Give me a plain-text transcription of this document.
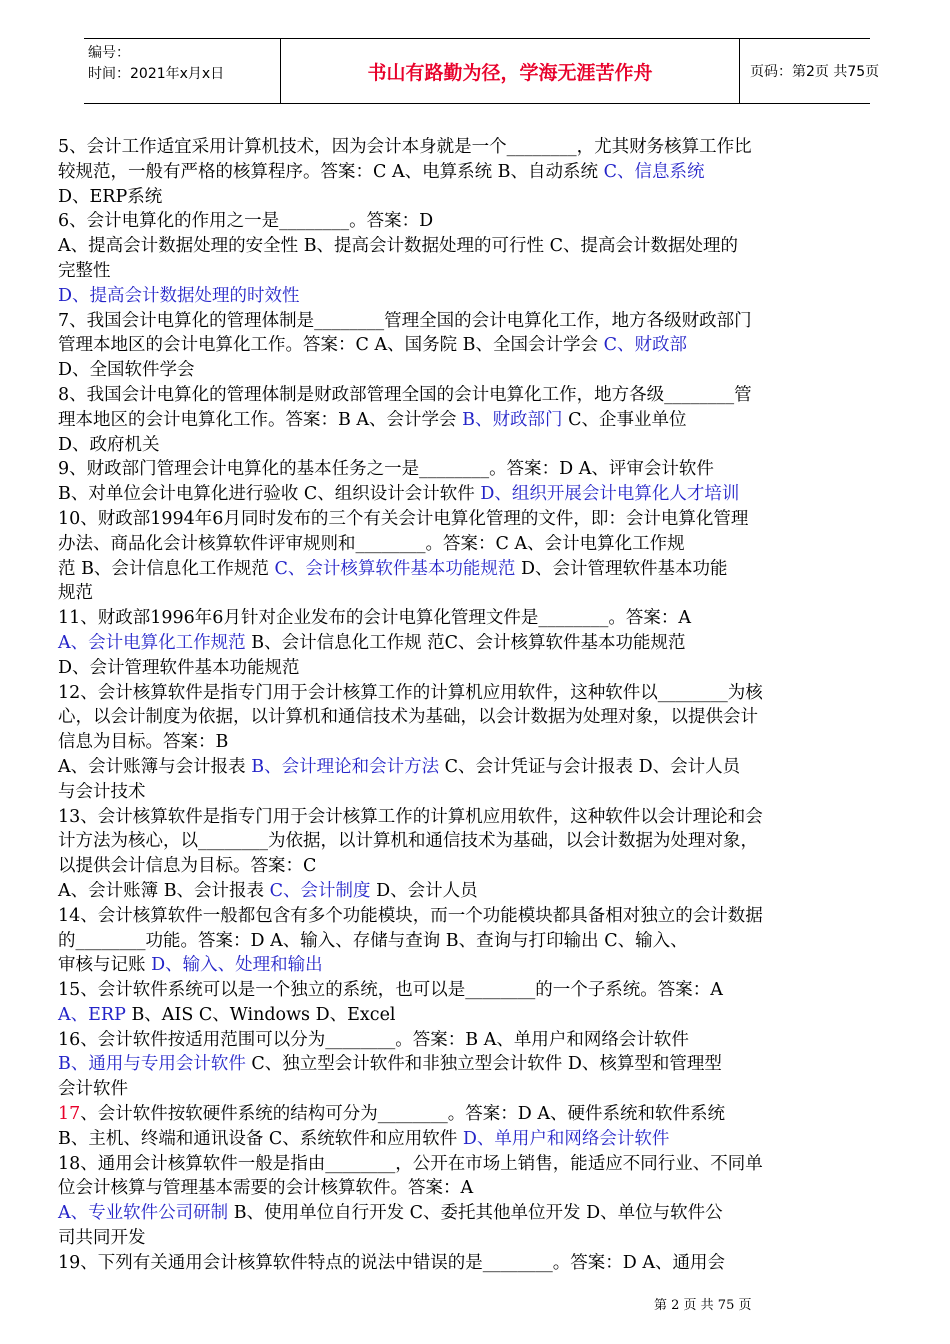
编号：
时间：2021年x月x日	书山有路勤为径，学海无涯苦作舟	页码：第2页 共75页
5、会计工作适宜采用计算机技术，因为会计本身就是一个________，尤其财务核算工作比
较规范，一般有严格的核算程序。答案：C A、电算系统 B、自动系统 C、信息系统
D、ERP系统
6、会计电算化的作用之一是________。答案：D
A、提高会计数据处理的安全性 B、提高会计数据处理的可行性 C、提高会计数据处理的
完整性
D、提高会计数据处理的时效性
7、我国会计电算化的管理体制是________管理全国的会计电算化工作，地方各级财政部门
管理本地区的会计电算化工作。答案：C A、国务院 B、全国会计学会 C、财政部
D、全国软件学会
8、我国会计电算化的管理体制是财政部管理全国的会计电算化工作，地方各级________管
理本地区的会计电算化工作。答案：B A、会计学会 B、财政部门 C、企事业单位
D、政府机关
9、财政部门管理会计电算化的基本任务之一是________。答案：D A、评审会计软件
B、对单位会计电算化进行验收 C、组织设计会计软件 D、组织开展会计电算化人才培训
10、财政部1994年6月同时发布的三个有关会计电算化管理的文件，即：会计电算化管理
办法、商品化会计核算软件评审规则和________。答案：C A、会计电算化工作规
范 B、会计信息化工作规范 C、会计核算软件基本功能规范 D、会计管理软件基本功能
规范
11、财政部1996年6月针对企业发布的会计电算化管理文件是________。答案：A
A、会计电算化工作规范 B、会计信息化工作规 范C、会计核算软件基本功能规范
D、会计管理软件基本功能规范
12、会计核算软件是指专门用于会计核算工作的计算机应用软件，这种软件以________为核
心，以会计制度为依据，以计算机和通信技术为基础，以会计数据为处理对象，以提供会计
信息为目标。答案：B
A、会计账簿与会计报表 B、会计理论和会计方法 C、会计凭证与会计报表 D、会计人员
与会计技术
13、会计核算软件是指专门用于会计核算工作的计算机应用软件，这种软件以会计理论和会
计方法为核心，以________为依据，以计算机和通信技术为基础，以会计数据为处理对象，
以提供会计信息为目标。答案：C
A、会计账簿 B、会计报表 C、会计制度 D、会计人员
14、会计核算软件一般都包含有多个功能模块，而一个功能模块都具备相对独立的会计数据
的________功能。答案：D A、输入、存储与查询 B、查询与打印输出 C、输入、
审核与记账 D、输入、处理和输出
15、会计软件系统可以是一个独立的系统，也可以是________的一个子系统。答案：A
A、ERP B、AIS C、Windows D、Excel
16、会计软件按适用范围可以分为________。答案：B A、单用户和网络会计软件
B、通用与专用会计软件 C、独立型会计软件和非独立型会计软件 D、核算型和管理型
会计软件
17、会计软件按软硬件系统的结构可分为________。答案：D A、硬件系统和软件系统
B、主机、终端和通讯设备 C、系统软件和应用软件 D、单用户和网络会计软件
18、通用会计核算软件一般是指由________，公开在市场上销售，能适应不同行业、不同单
位会计核算与管理基本需要的会计核算软件。答案：A
A、专业软件公司研制 B、使用单位自行开发 C、委托其他单位开发 D、单位与软件公
司共同开发
19、下列有关通用会计核算软件特点的说法中错误的是________。答案：D A、通用会
第 2 页 共 75 页
